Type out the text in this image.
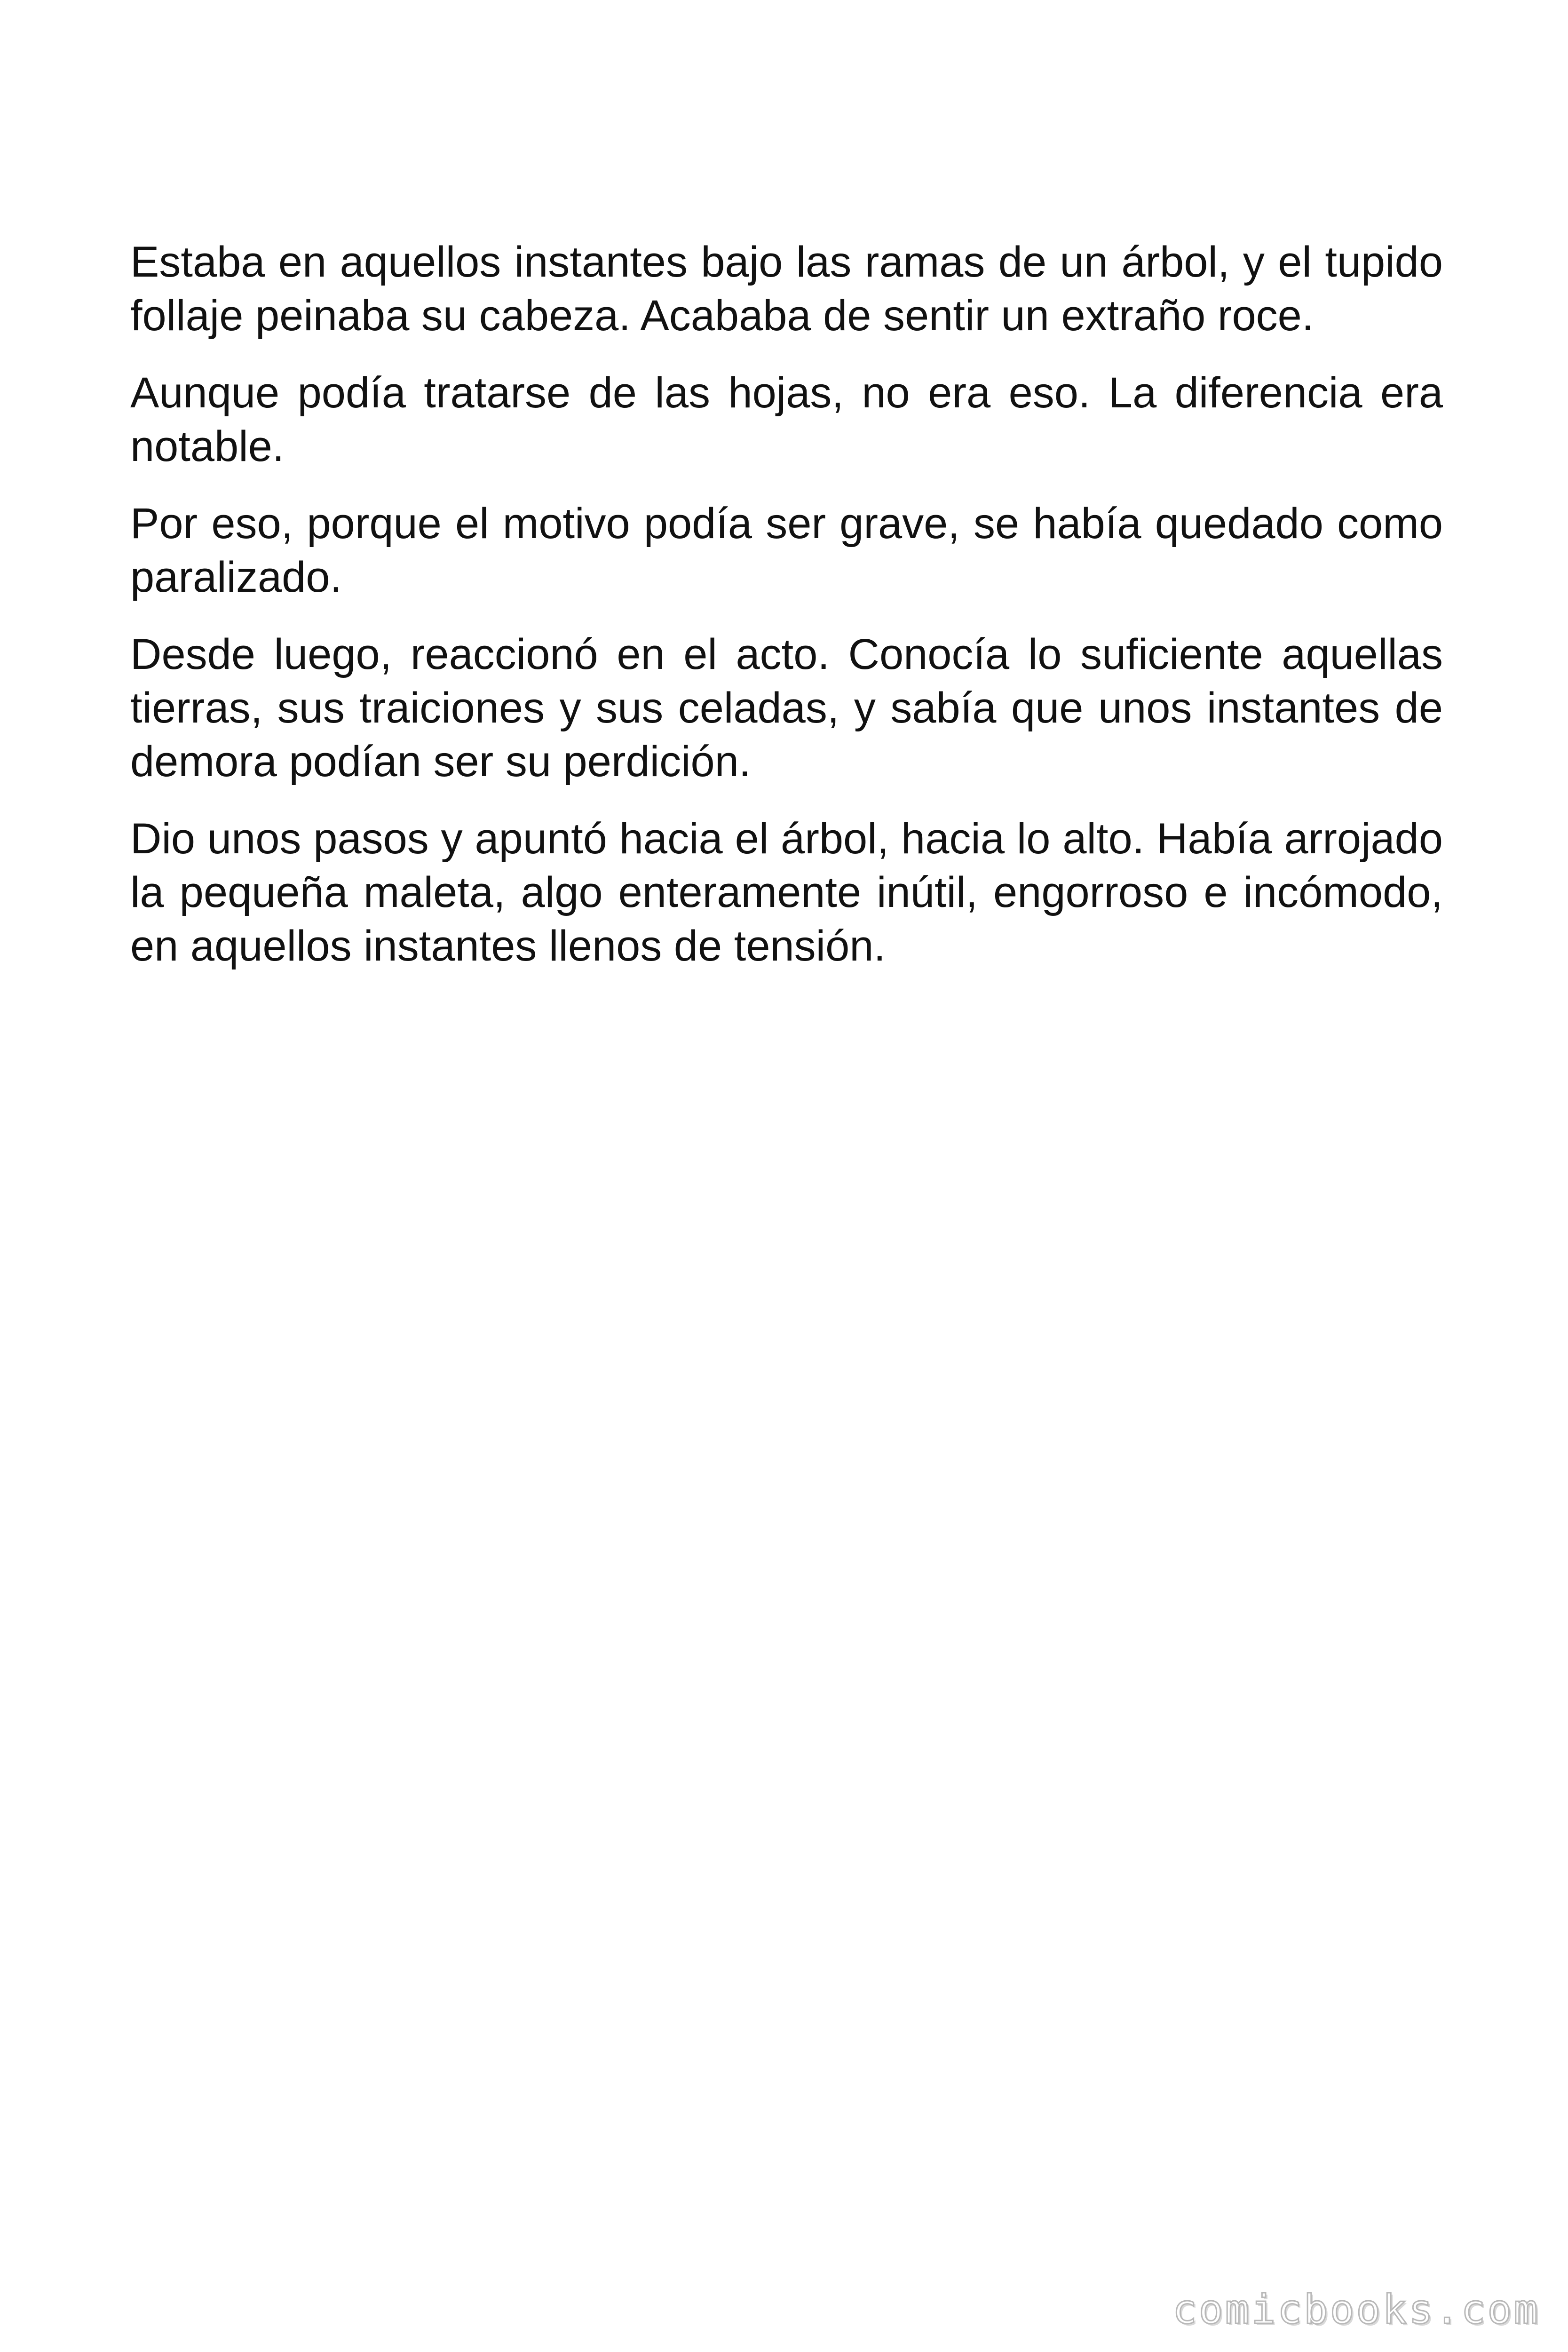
Estaba en aquellos instantes bajo las ramas de un árbol, y el tupido follaje peinaba su cabeza. Acababa de sentir un extraño roce.

Aunque podía tratarse de las hojas, no era eso. La diferencia era notable.

Por eso, porque el motivo podía ser grave, se había quedado como paralizado.

Desde luego, reaccionó en el acto. Conocía lo suficiente aquellas tierras, sus traiciones y sus celadas, y sabía que unos instantes de demora podían ser su perdición.

Dio unos pasos y apuntó hacia el árbol, hacia lo alto. Había arrojado la pequeña maleta, algo enteramente inútil, engorroso e incómodo, en aquellos instantes llenos de tensión.

comicbooks.com
